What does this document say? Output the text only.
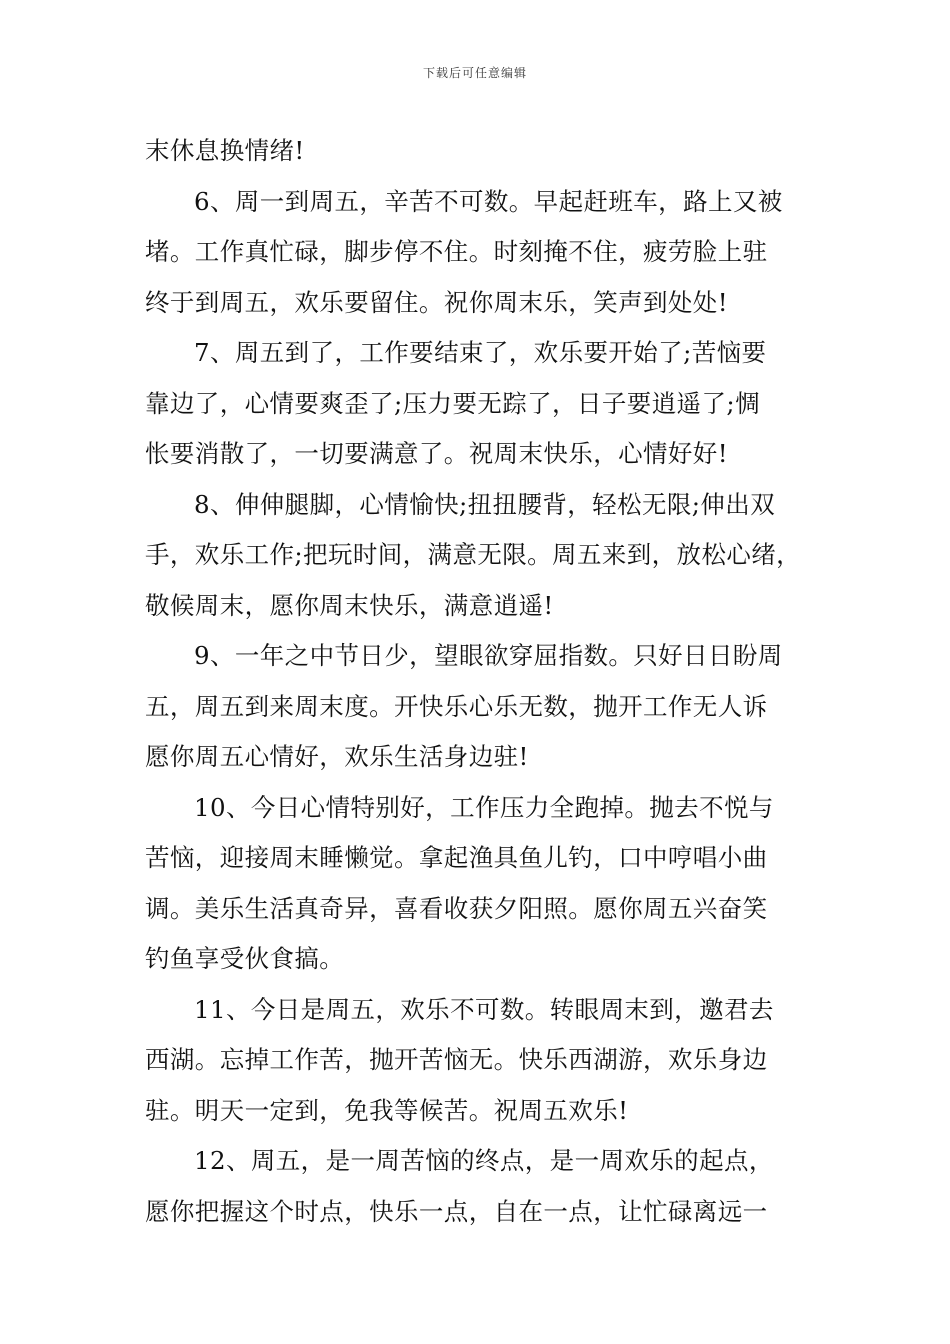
下载后可任意编辑
末休息换情绪!
6、周一到周五，辛苦不可数。早起赶班车，路上又被
堵。工作真忙碌，脚步停不住。时刻掩不住，疲劳脸上驻
终于到周五，欢乐要留住。祝你周末乐，笑声到处处!
7、周五到了，工作要结束了，欢乐要开始了;苦恼要
靠边了，心情要爽歪了;压力要无踪了，日子要逍遥了;惆
怅要消散了，一切要满意了。祝周末快乐，心情好好!
8、伸伸腿脚，心情愉快;扭扭腰背，轻松无限;伸出双
手，欢乐工作;把玩时间，满意无限。周五来到，放松心绪，
敬候周末，愿你周末快乐，满意逍遥!
9、一年之中节日少，望眼欲穿屈指数。只好日日盼周
五，周五到来周末度。开快乐心乐无数，抛开工作无人诉
愿你周五心情好，欢乐生活身边驻!
10、今日心情特别好，工作压力全跑掉。抛去不悦与
苦恼，迎接周末睡懒觉。拿起渔具鱼儿钓，口中哼唱小曲
调。美乐生活真奇异，喜看收获夕阳照。愿你周五兴奋笑
钓鱼享受伙食搞。
11、今日是周五，欢乐不可数。转眼周末到，邀君去
西湖。忘掉工作苦，抛开苦恼无。快乐西湖游，欢乐身边
驻。明天一定到，免我等候苦。祝周五欢乐!
12、周五，是一周苦恼的终点，是一周欢乐的起点，
愿你把握这个时点，快乐一点，自在一点，让忙碌离远一
